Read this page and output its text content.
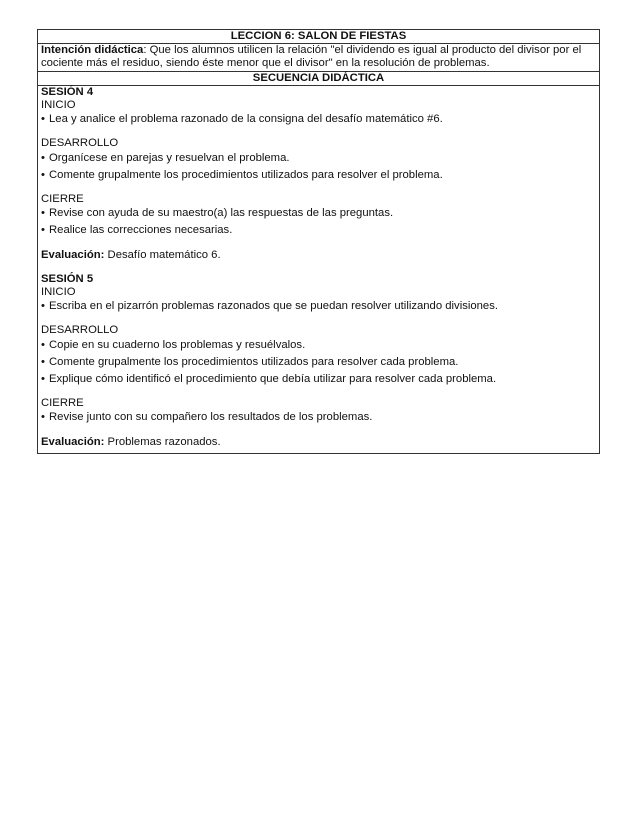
LECCION 6: SALON DE FIESTAS
Intención didáctica: Que los alumnos utilicen la relación "el dividendo es igual al producto del divisor por el cociente más el residuo, siendo éste menor que el divisor" en la resolución de problemas.
SECUENCIA DIDÁCTICA

SESIÓN 4
INICIO
• Lea y analice el problema razonado de la consigna del desafío matemático #6.
DESARROLLO
• Organícese en parejas y resuelvan el problema.
• Comente grupalmente los procedimientos utilizados para resolver el problema.
CIERRE
• Revise con ayuda de su maestro(a) las respuestas de las preguntas.
• Realice las correcciones necesarias.
Evaluación: Desafío matemático 6.
SESIÓN 5
INICIO
• Escriba en el pizarrón problemas razonados que se puedan resolver utilizando divisiones.
DESARROLLO
• Copie en su cuaderno los problemas y resuélvalos.
• Comente grupalmente los procedimientos utilizados para resolver cada problema.
• Explique cómo identificó el procedimiento que debía utilizar para resolver cada problema.
CIERRE
• Revise junto con su compañero los resultados de los problemas.
Evaluación: Problemas razonados.
